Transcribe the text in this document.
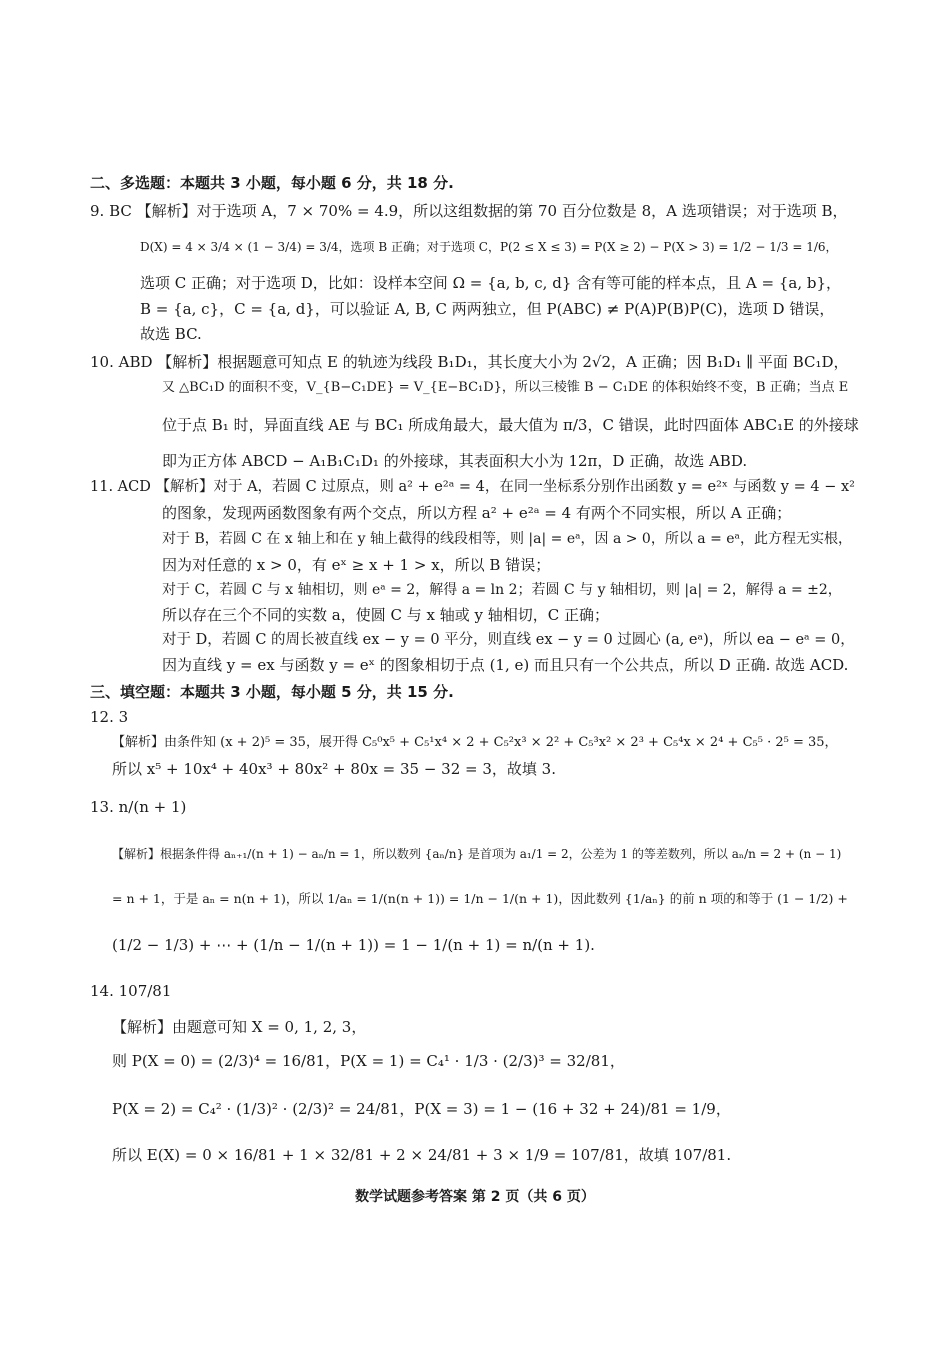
二、多选题：本题共 3 小题，每小题 6 分，共 18 分.
9. BC 【解析】对于选项 A，7 × 70% = 4.9，所以这组数据的第 70 百分位数是 8，A 选项错误；对于选项 B，
D(X) = 4 × 3/4 × (1 − 3/4) = 3/4，选项 B 正确；对于选项 C，P(2 ≤ X ≤ 3) = P(X ≥ 2) − P(X > 3) = 1/2 − 1/3 = 1/6，
选项 C 正确；对于选项 D，比如：设样本空间 Ω = {a, b, c, d} 含有等可能的样本点，且 A = {a, b}，
B = {a, c}，C = {a, d}，可以验证 A, B, C 两两独立，但 P(ABC) ≠ P(A)P(B)P(C)，选项 D 错误，
故选 BC.
10. ABD 【解析】根据题意可知点 E 的轨迹为线段 B₁D₁，其长度大小为 2√2，A 正确；因 B₁D₁ ∥ 平面 BC₁D，
又 △BC₁D 的面积不变，V_{B−C₁DE} = V_{E−BC₁D}，所以三棱锥 B − C₁DE 的体积始终不变，B 正确；当点 E
位于点 B₁ 时，异面直线 AE 与 BC₁ 所成角最大，最大值为 π/3，C 错误，此时四面体 ABC₁E 的外接球
即为正方体 ABCD − A₁B₁C₁D₁ 的外接球，其表面积大小为 12π，D 正确，故选 ABD.
11. ACD 【解析】对于 A，若圆 C 过原点，则 a² + e²ᵃ = 4，在同一坐标系分别作出函数 y = e²ˣ 与函数 y = 4 − x²
的图象，发现两函数图象有两个交点，所以方程 a² + e²ᵃ = 4 有两个不同实根，所以 A 正确；
对于 B，若圆 C 在 x 轴上和在 y 轴上截得的线段相等，则 |a| = eᵃ，因 a > 0，所以 a = eᵃ，此方程无实根，
因为对任意的 x > 0，有 eˣ ≥ x + 1 > x，所以 B 错误；
对于 C，若圆 C 与 x 轴相切，则 eᵃ = 2，解得 a = ln 2；若圆 C 与 y 轴相切，则 |a| = 2，解得 a = ±2，
所以存在三个不同的实数 a，使圆 C 与 x 轴或 y 轴相切，C 正确；
对于 D，若圆 C 的周长被直线 ex − y = 0 平分，则直线 ex − y = 0 过圆心 (a, eᵃ)，所以 ea − eᵃ = 0，
因为直线 y = ex 与函数 y = eˣ 的图象相切于点 (1, e) 而且只有一个公共点，所以 D 正确. 故选 ACD.
三、填空题：本题共 3 小题，每小题 5 分，共 15 分.
12. 3
【解析】由条件知 (x + 2)⁵ = 35，展开得 C₅⁰x⁵ + C₅¹x⁴ × 2 + C₅²x³ × 2² + C₅³x² × 2³ + C₅⁴x × 2⁴ + C₅⁵ · 2⁵ = 35，
所以 x⁵ + 10x⁴ + 40x³ + 80x² + 80x = 35 − 32 = 3，故填 3.
13. n/(n + 1)
【解析】根据条件得 aₙ₊₁/(n + 1) − aₙ/n = 1，所以数列 {aₙ/n} 是首项为 a₁/1 = 2，公差为 1 的等差数列，所以 aₙ/n = 2 + (n − 1)
= n + 1，于是 aₙ = n(n + 1)，所以 1/aₙ = 1/(n(n + 1)) = 1/n − 1/(n + 1)，因此数列 {1/aₙ} 的前 n 项的和等于 (1 − 1/2) +
(1/2 − 1/3) + ⋯ + (1/n − 1/(n + 1)) = 1 − 1/(n + 1) = n/(n + 1).
14. 107/81
【解析】由题意可知 X = 0, 1, 2, 3，
则 P(X = 0) = (2/3)⁴ = 16/81，P(X = 1) = C₄¹ · 1/3 · (2/3)³ = 32/81，
P(X = 2) = C₄² · (1/3)² · (2/3)² = 24/81，P(X = 3) = 1 − (16 + 32 + 24)/81 = 1/9，
所以 E(X) = 0 × 16/81 + 1 × 32/81 + 2 × 24/81 + 3 × 1/9 = 107/81，故填 107/81.
数学试题参考答案 第 2 页（共 6 页）
